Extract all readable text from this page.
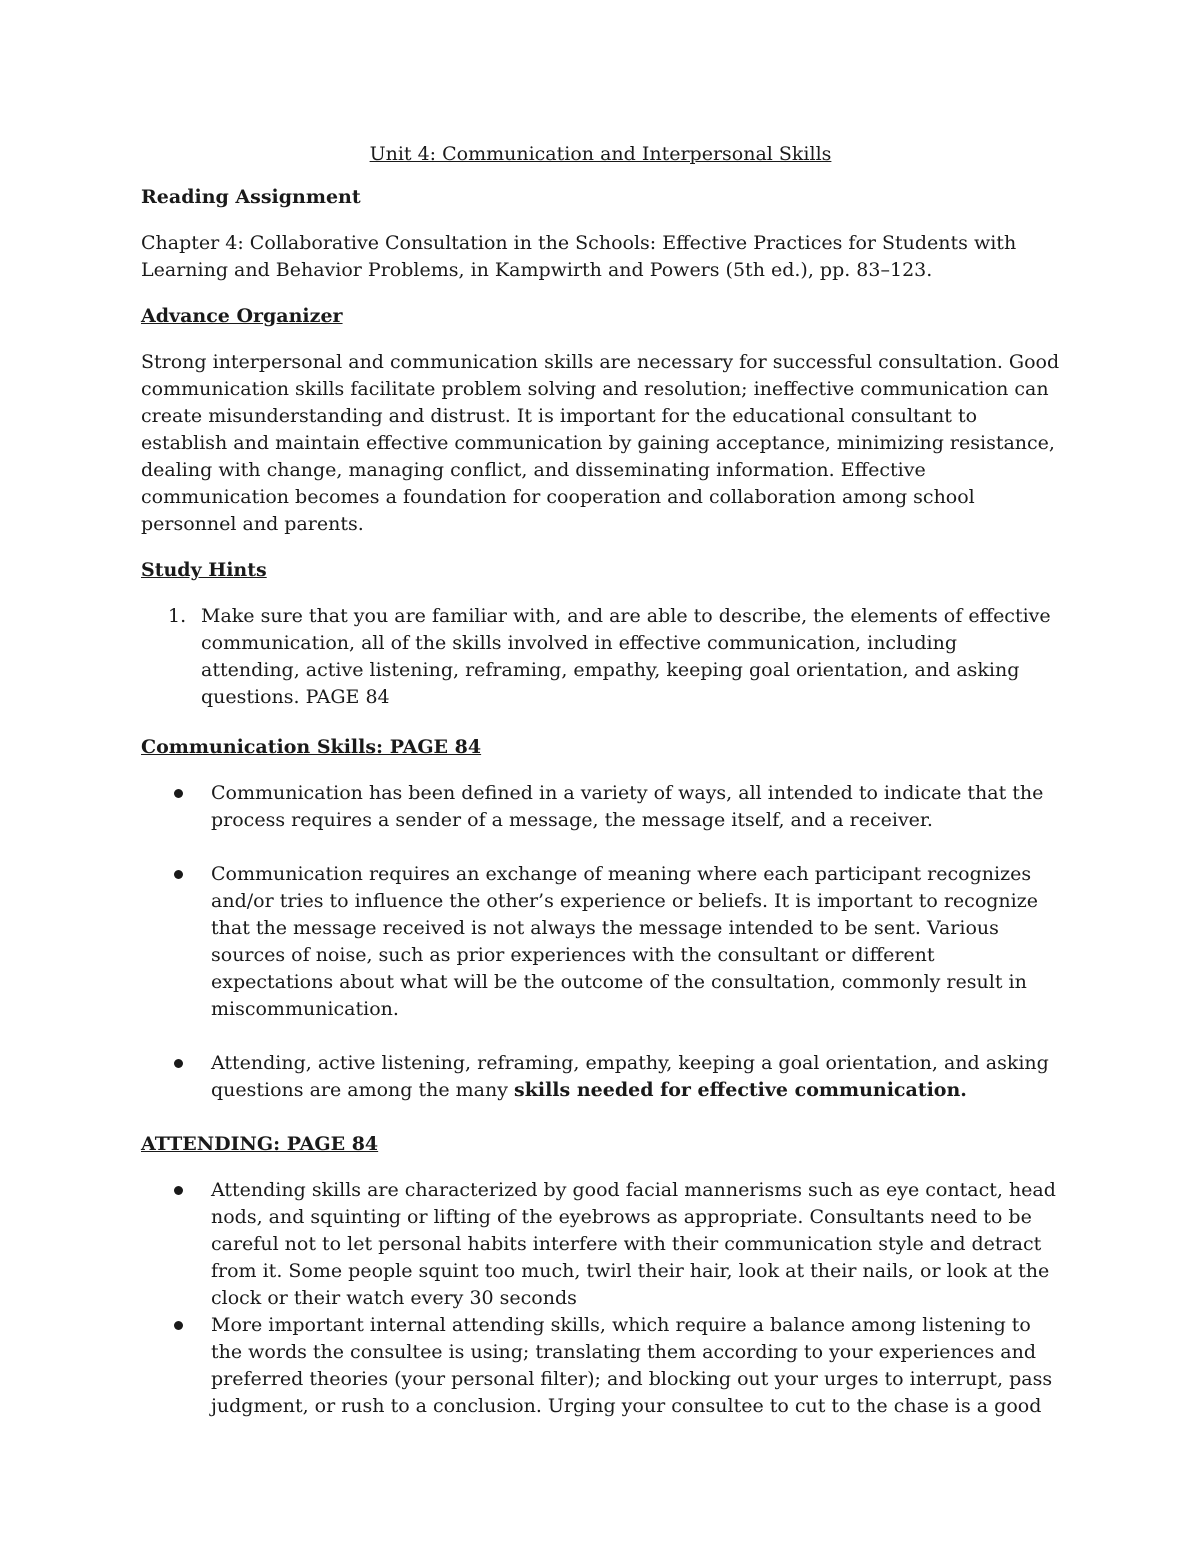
Unit 4: Communication and Interpersonal Skills
Reading Assignment

Chapter 4: Collaborative Consultation in the Schools: Effective Practices for Students with Learning and Behavior Problems, in Kampwirth and Powers (5th ed.), pp. 83–123.

Advance Organizer

Strong interpersonal and communication skills are necessary for successful consultation. Good communication skills facilitate problem solving and resolution; ineffective communication can create misunderstanding and distrust. It is important for the educational consultant to establish and maintain effective communication by gaining acceptance, minimizing resistance, dealing with change, managing conflict, and disseminating information. Effective communication becomes a foundation for cooperation and collaboration among school personnel and parents.

Study Hints
1. Make sure that you are familiar with, and are able to describe, the elements of effective communication, all of the skills involved in effective communication, including attending, active listening, reframing, empathy, keeping goal orientation, and asking questions. PAGE 84
Communication Skills: PAGE 84
Communication has been defined in a variety of ways, all intended to indicate that the process requires a sender of a message, the message itself, and a receiver.
Communication requires an exchange of meaning where each participant recognizes and/or tries to influence the other’s experience or beliefs. It is important to recognize that the message received is not always the message intended to be sent. Various sources of noise, such as prior experiences with the consultant or different expectations about what will be the outcome of the consultation, commonly result in miscommunication.
Attending, active listening, reframing, empathy, keeping a goal orientation, and asking questions are among the many skills needed for effective communication.
ATTENDING: PAGE 84
Attending skills are characterized by good facial mannerisms such as eye contact, head nods, and squinting or lifting of the eyebrows as appropriate. Consultants need to be careful not to let personal habits interfere with their communication style and detract from it. Some people squint too much, twirl their hair, look at their nails, or look at the clock or their watch every 30 seconds
More important internal attending skills, which require a balance among listening to the words the consultee is using; translating them according to your experiences and preferred theories (your personal filter); and blocking out your urges to interrupt, pass judgment, or rush to a conclusion. Urging your consultee to cut to the chase is a good
